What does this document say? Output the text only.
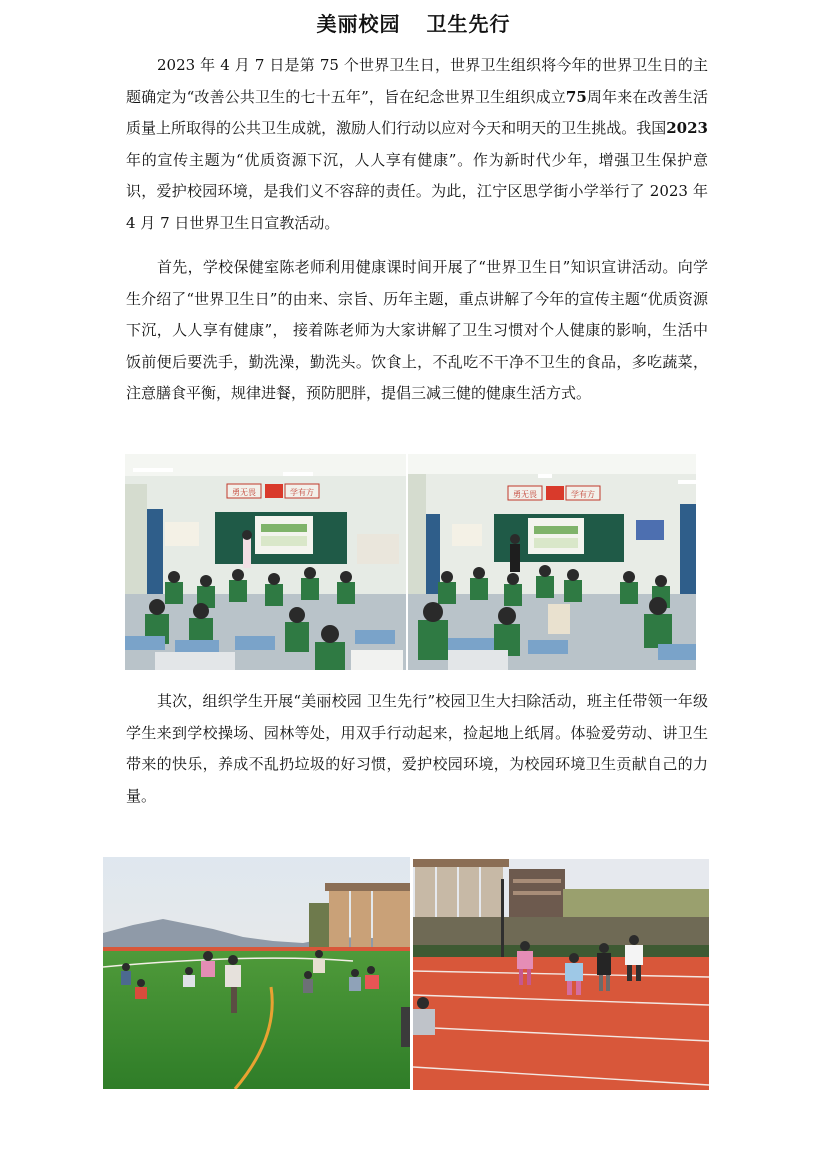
美丽校园 卫生先行

2023 年 4 月 7 日是第 75 个世界卫生日，世界卫生组织将今年的世界卫生日的主题确定为“改善公共卫生的七十五年”，旨在纪念世界卫生组织成立75周年来在改善生活质量上所取得的公共卫生成就，激励人们行动以应对今天和明天的卫生挑战。我国2023年的宣传主题为“优质资源下沉，人人享有健康”。作为新时代少年，增强卫生保护意识，爱护校园环境，是我们义不容辞的责任。为此，江宁区思学街小学举行了 2023 年 4 月 7 日世界卫生日宣教活动。

首先，学校保健室陈老师利用健康课时间开展了“世界卫生日”知识宣讲活动。向学生介绍了“世界卫生日”的由来、宗旨、历年主题，重点讲解了今年的宣传主题“优质资源下沉，人人享有健康”， 接着陈老师为大家讲解了卫生习惯对个人健康的影响，生活中饭前便后要洗手，勤洗澡，勤洗头。饮食上，不乱吃不干净不卫生的食品，多吃蔬菜，注意膳食平衡，规律进餐，预防肥胖，提倡三减三健的健康生活方式。

勇无畏	学有方	勇无畏	学有方

其次，组织学生开展“美丽校园 卫生先行”校园卫生大扫除活动，班主任带领一年级学生来到学校操场、园林等处，用双手行动起来，捡起地上纸屑。体验爱劳动、讲卫生带来的快乐，养成不乱扔垃圾的好习惯，爱护校园环境，为校园环境卫生贡献自己的力量。
